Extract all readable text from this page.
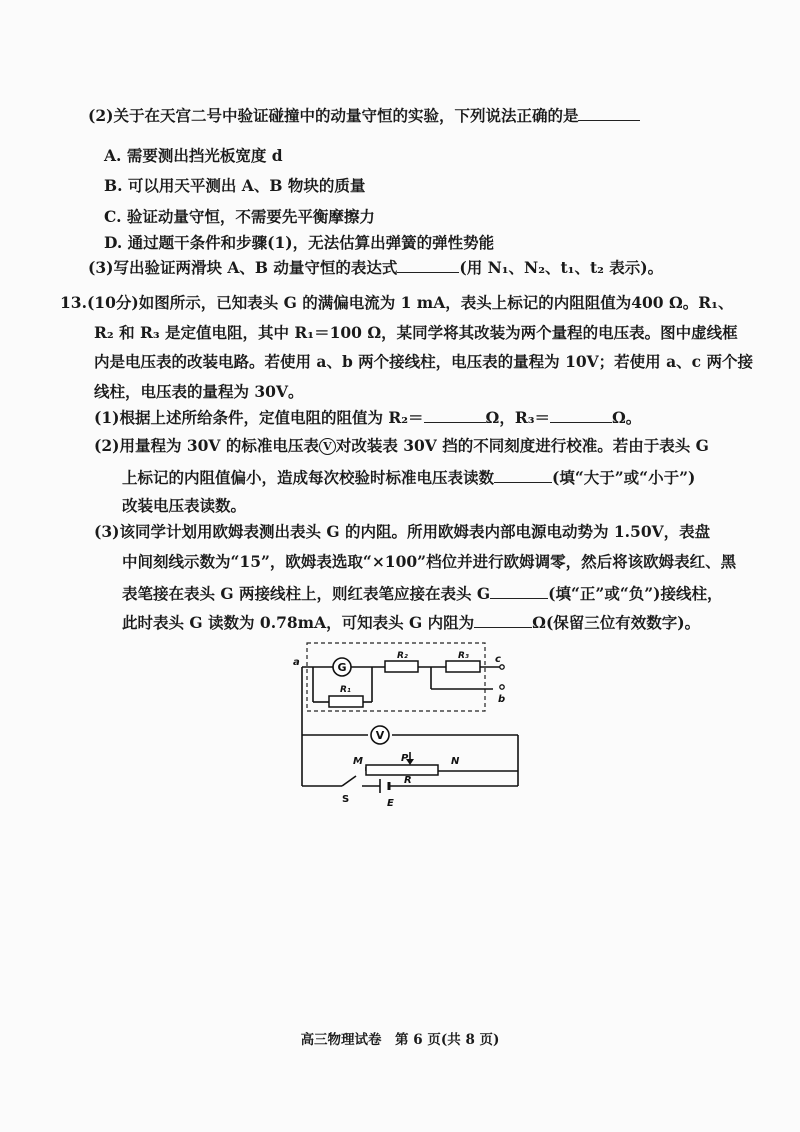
(2)关于在天宫二号中验证碰撞中的动量守恒的实验，下列说法正确的是
A. 需要测出挡光板宽度 d
B. 可以用天平测出 A、B 物块的质量
C. 验证动量守恒，不需要先平衡摩擦力
D. 通过题干条件和步骤(1)，无法估算出弹簧的弹性势能
(3)写出验证两滑块 A、B 动量守恒的表达式	(用 N₁、N₂、t₁、t₂ 表示)。
13.(10分)如图所示，已知表头 G 的满偏电流为 1 mA，表头上标记的内阻阻值为400 Ω。R₁、
R₂ 和 R₃ 是定值电阻，其中 R₁＝100 Ω，某同学将其改装为两个量程的电压表。图中虚线框
内是电压表的改装电路。若使用 a、b 两个接线柱，电压表的量程为 10V；若使用 a、c 两个接
线柱，电压表的量程为 30V。
(1)根据上述所给条件，定值电阻的阻值为 R₂＝	Ω，R₃＝	Ω。
(2)用量程为 30V 的标准电压表 V 对改装表 30V 挡的不同刻度进行校准。若由于表头 G
上标记的内阻值偏小，造成每次校验时标准电压表读数	(填“大于”或“小于”)
改装电压表读数。
(3)该同学计划用欧姆表测出表头 G 的内阻。所用欧姆表内部电源电动势为 1.50V，表盘
中间刻线示数为“15”，欧姆表选取“×100”档位并进行欧姆调零，然后将该欧姆表红、黑
表笔接在表头 G 两接线柱上，则红表笔应接在表头 G	(填“正”或“负”)接线柱，
此时表头 G 读数为 0.78mA，可知表头 G 内阻为	Ω(保留三位有效数字)。
G
V
a	c
b
R₂	R₃
R₁
M	P	N
R
S	E
高三物理试卷　第 6 页(共 8 页)
